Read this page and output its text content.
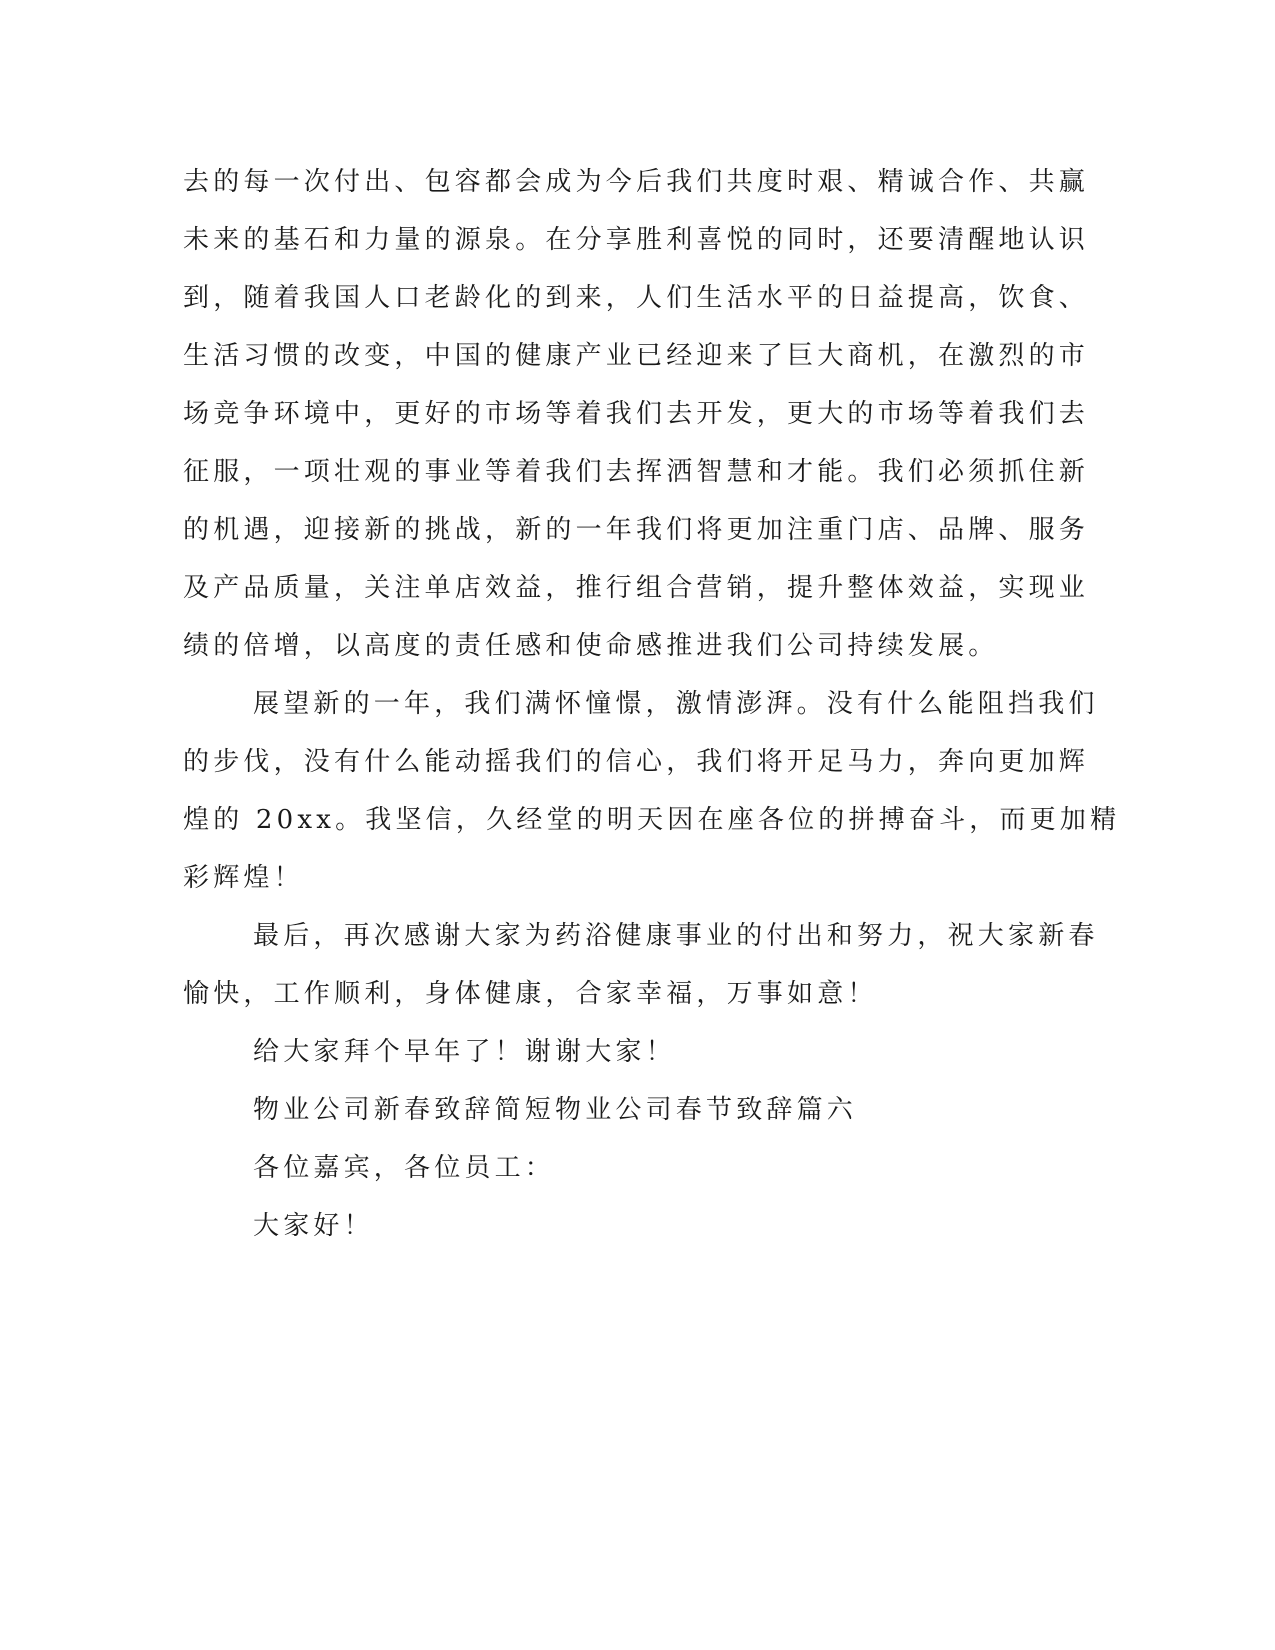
去的每一次付出、包容都会成为今后我们共度时艰、精诚合作、共赢
未来的基石和力量的源泉。在分享胜利喜悦的同时，还要清醒地认识
到，随着我国人口老龄化的到来，人们生活水平的日益提高，饮食、
生活习惯的改变，中国的健康产业已经迎来了巨大商机，在激烈的市
场竞争环境中，更好的市场等着我们去开发，更大的市场等着我们去
征服，一项壮观的事业等着我们去挥洒智慧和才能。我们必须抓住新
的机遇，迎接新的挑战，新的一年我们将更加注重门店、品牌、服务
及产品质量，关注单店效益，推行组合营销，提升整体效益，实现业
绩的倍增，以高度的责任感和使命感推进我们公司持续发展。
展望新的一年，我们满怀憧憬，激情澎湃。没有什么能阻挡我们
的步伐，没有什么能动摇我们的信心，我们将开足马力，奔向更加辉
煌的 20xx。我坚信，久经堂的明天因在座各位的拼搏奋斗，而更加精
彩辉煌！
最后，再次感谢大家为药浴健康事业的付出和努力，祝大家新春
愉快，工作顺利，身体健康，合家幸福，万事如意！
给大家拜个早年了！谢谢大家！
物业公司新春致辞简短物业公司春节致辞篇六
各位嘉宾，各位员工：
大家好！
